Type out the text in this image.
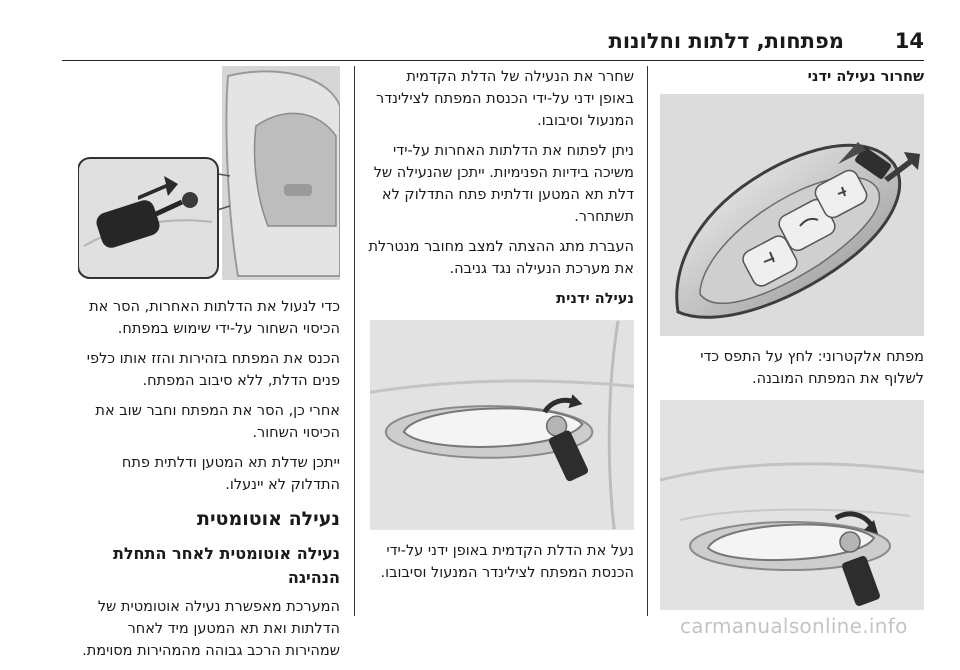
14
מפתחות, דלתות וחלונות
שחרור נעילה ידני

מפתח אלקטרוני: לחץ על התפס כדי לשלוף את המפתח המובנה.

שחרר את הנעילה של הדלת הקדמית באופן ידני על-ידי הכנסת המפתח לצילינדר המנעול וסיבובו.

ניתן לפתוח את הדלתות האחרות על-ידי משיכה בידיות הפנימיות. ייתכן שהנעילה של דלת תא המטען ודלתית פתח התדלוק לא תשתחרר.

העברת מתג ההצתה למצב מחובר מנטרלת את מערכת הנעילה נגד גניבה.

נעילה ידנית

נעל את הדלת הקדמית באופן ידני על-ידי הכנסת המפתח לצילינדר המנעול וסיבובו.

כדי לנעול את הדלתות האחרות, הסר את הכיסוי השחור על-ידי שימוש במפתח.

הכנס את המפתח בזהירות והזז אותו כלפי פנים הדלת, ללא סיבוב המפתח.

אחרי כן, הסר את המפתח וחבר שוב את הכיסוי השחור.

ייתכן שדלת תא המטען ודלתית פתח התדלוק לא יינעלו.

נעילה אוטומטית
נעילה אוטומטית לאחר התחלת הנהיגה

המערכת מאפשרת נעילה אוטומטית של הדלתות ואת תא המטען מיד לאחר שמהירות הרכב גבוהה מהמהירות מסוימת.

carmanualsonline.info
